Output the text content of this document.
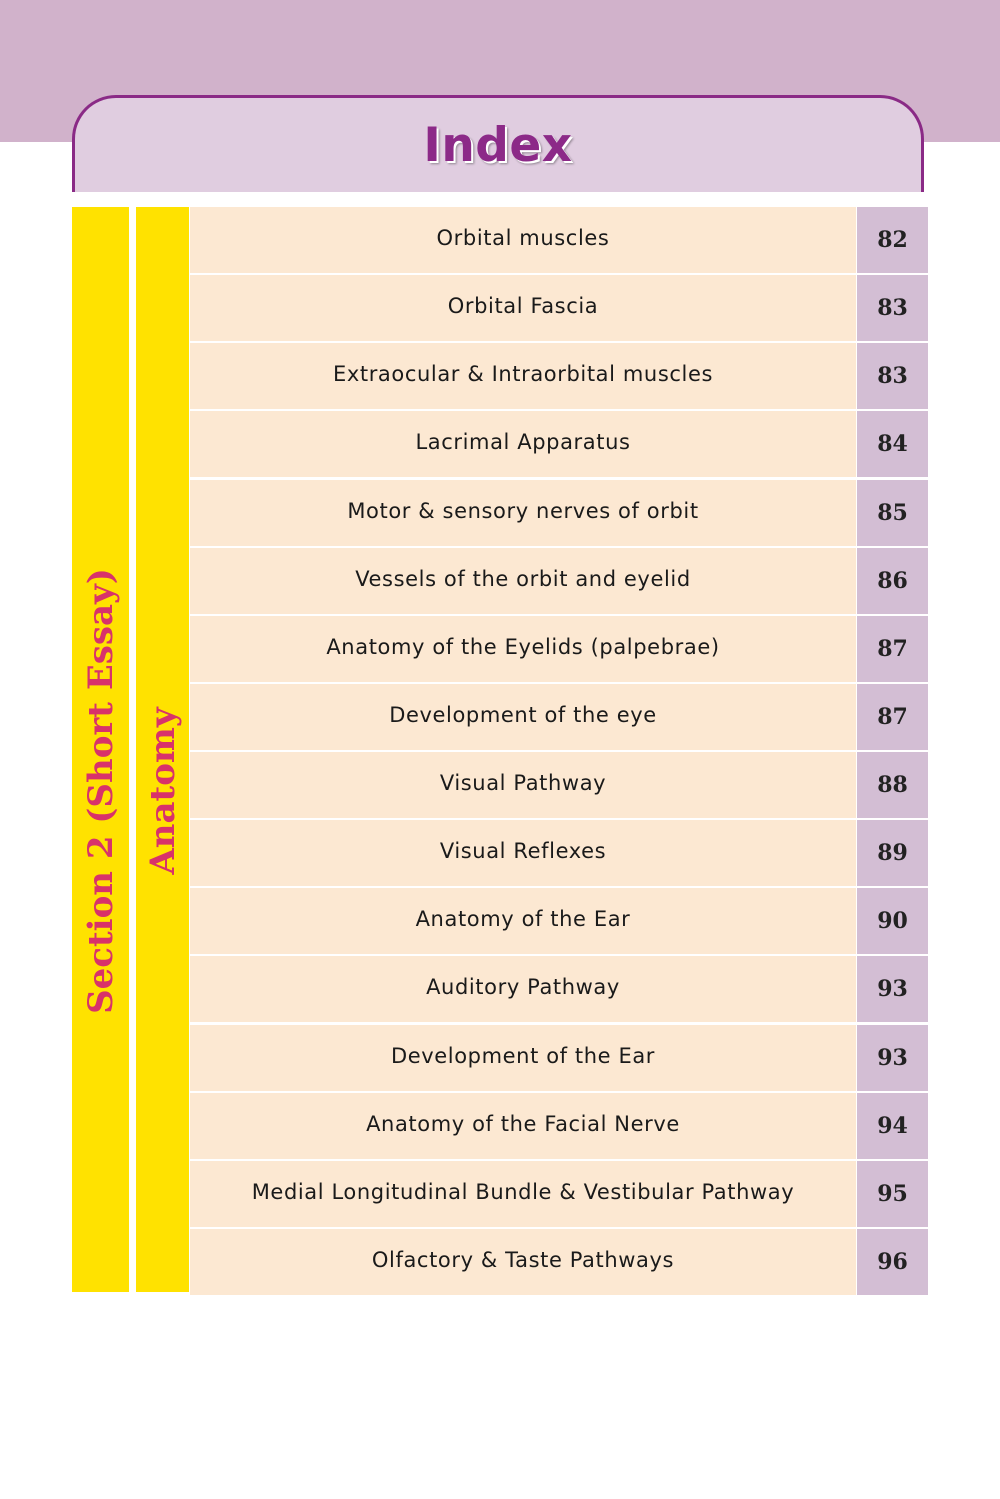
Index
Section 2 (Short Essay) Anatomy
Orbital muscles	82
Orbital Fascia	83
Extraocular & Intraorbital muscles	83
Lacrimal Apparatus	84
Motor & sensory nerves of orbit	85
Vessels of the orbit and eyelid	86
Anatomy of the Eyelids (palpebrae)	87
Development of the eye	87
Visual Pathway	88
Visual Reflexes	89
Anatomy of the Ear	90
Auditory Pathway	93
Development of the Ear	93
Anatomy of the Facial Nerve	94
Medial Longitudinal Bundle & Vestibular Pathway	95
Olfactory & Taste Pathways	96
